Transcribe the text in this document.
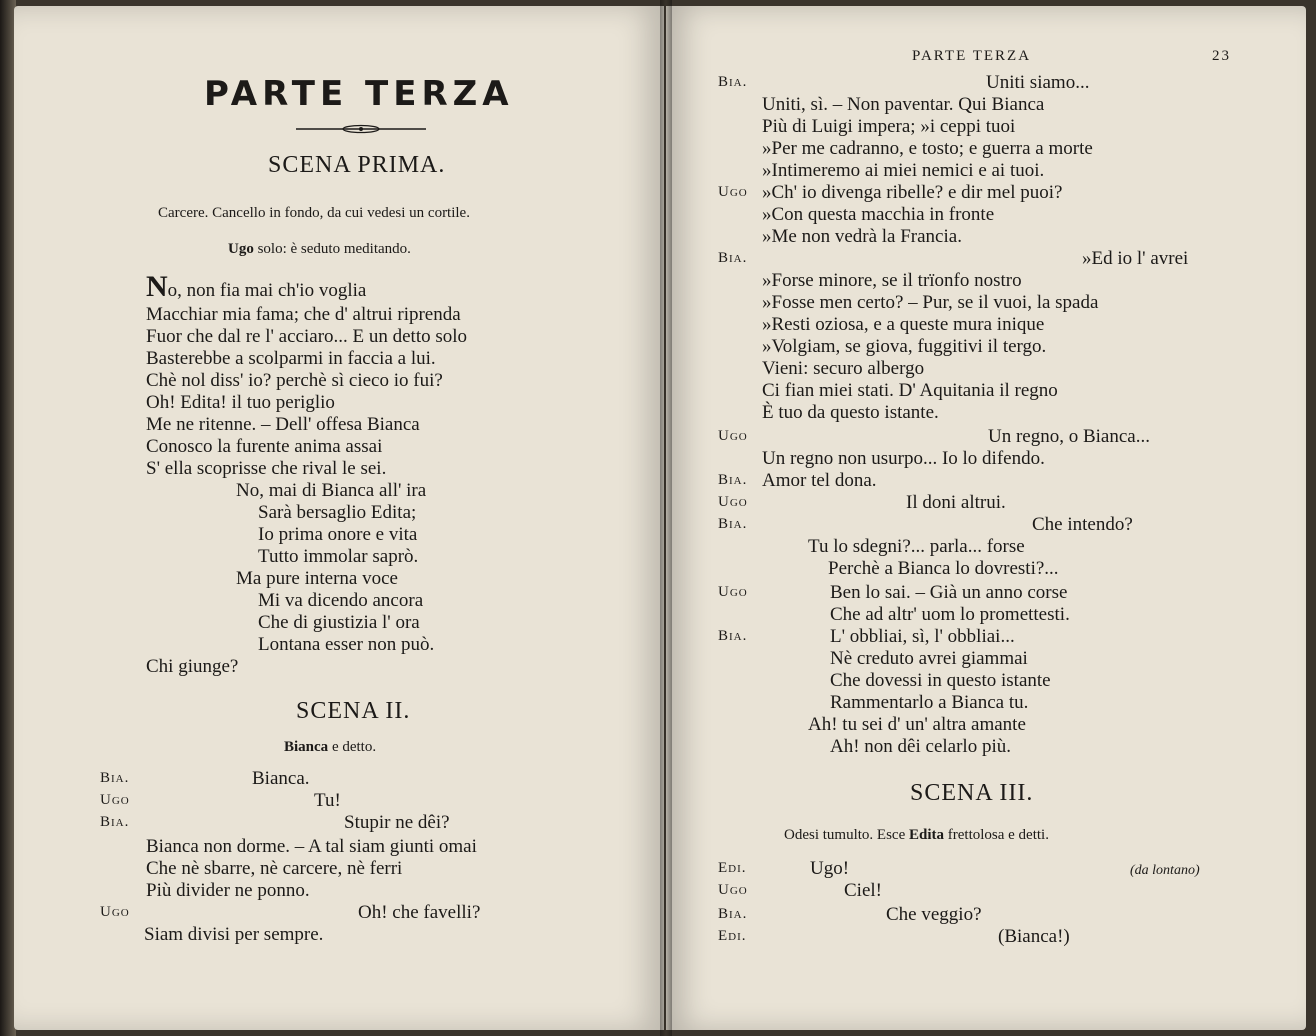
PARTE TERZA
SCENA PRIMA.
Carcere. Cancello in fondo, da cui vedesi un cortile.
Ugo solo: è seduto meditando.
No, non fia mai ch'io voglia
Macchiar mia fama; che d' altrui riprenda
Fuor che dal re l' acciaro... E un detto solo
Basterebbe a scolparmi in faccia a lui.
Chè nol diss' io? perchè sì cieco io fui?
Oh! Edita! il tuo periglio
Me ne ritenne. – Dell' offesa Bianca
Conosco la furente anima assai
S' ella scoprisse che rival le sei.
No, mai di Bianca all' ira
Sarà bersaglio Edita;
Io prima onore e vita
Tutto immolar saprò.
Ma pure interna voce
Mi va dicendo ancora
Che di giustizia l' ora
Lontana esser non può.
Chi giunge?
SCENA II.
Bianca e detto.
Bia.	Bianca.
Ugo	Tu!
Bia.	Stupir ne dêi?
Bianca non dorme. – A tal siam giunti omai
Che nè sbarre, nè carcere, nè ferri
Più divider ne ponno.
Ugo	Oh! che favelli?
Siam divisi per sempre.
PARTE TERZA	23
Bia.	Uniti siamo...
Uniti, sì. – Non paventar. Qui Bianca
Più di Luigi impera; »i ceppi tuoi
»Per me cadranno, e tosto; e guerra a morte
»Intimeremo ai miei nemici e ai tuoi.
Ugo »Ch' io divenga ribelle? e dir mel puoi?
»Con questa macchia in fronte
»Me non vedrà la Francia.
Bia.	»Ed io l' avrei
»Forse minore, se il trïonfo nostro
»Fosse men certo? – Pur, se il vuoi, la spada
»Resti oziosa, e a queste mura inique
»Volgiam, se giova, fuggitivi il tergo.
Vieni: securo albergo
Ci fian miei stati. D' Aquitania il regno
È tuo da questo istante.
Ugo	Un regno, o Bianca...
Un regno non usurpo... Io lo difendo.
Bia. Amor tel dona.
Ugo	Il doni altrui.
Bia.	Che intendo?
Tu lo sdegni?... parla... forse
Perchè a Bianca lo dovresti?...
Ugo	Ben lo sai. – Già un anno corse
Che ad altr' uom lo promettesti.
Bia.	L' obbliai, sì, l' obbliai...
Nè creduto avrei giammai
Che dovessi in questo istante
Rammentarlo a Bianca tu.
Ah! tu sei d' un' altra amante
Ah! non dêi celarlo più.
SCENA III.
Odesi tumulto. Esce Edita frettolosa e detti.
Edi.	Ugo!	(da lontano)
Ugo	Ciel!
Bia.	Che veggio?
Edi.	(Bianca!)
